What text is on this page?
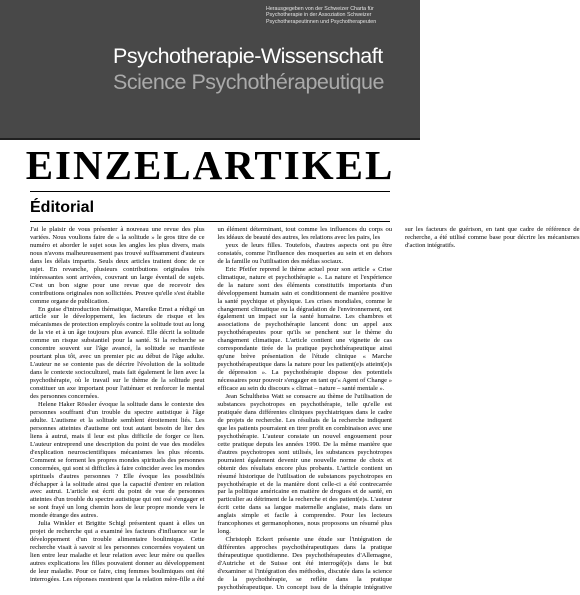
Herausgegeben von der Schweizer Charta für
Psychotherapie in der Assoziation Schweizer
Psychotherapeutinnen und Psychotherapeuten
Psychotherapie-Wissenschaft
Science Psychothérapeutique
EINZELARTIKEL
Éditorial

J'ai le plaisir de vous présenter à nouveau une revue des plus variées. Nous voulions faire de « la solitude » le gros titre de ce numéro et aborder le sujet sous les angles les plus divers, mais nous n'avons malheureusement pas trouvé suffisamment d'auteurs dans les délais impartis. Seuls deux articles traitent donc de ce sujet. En revanche, plusieurs contributions originales très intéressantes sont arrivées, couvrant un large éventail de sujets. C'est un bon signe pour une revue que de recevoir des contributions originales non sollicitées. Preuve qu'elle s'est établie comme organe de publication.

En guise d'introduction thématique, Mareike Ernst a rédigé un article sur le développement, les facteurs de risque et les mécanismes de protection employés contre la solitude tout au long de la vie et à un âge toujours plus avancé. Elle décrit la solitude comme un risque substantiel pour la santé. Si la recherche se concentre souvent sur l'âge avancé, la solitude se manifeste pourtant plus tôt, avec un premier pic au début de l'âge adulte. L'auteur ne se contente pas de décrire l'évolution de la solitude dans le contexte socioculturel, mais fait également le lien avec la psychothérapie, où le travail sur le thème de la solitude peut constituer un axe important pour l'atténuer et renforcer le mental des personnes concernées.

Helene Haker Rössler évoque la solitude dans le contexte des personnes souffrant d'un trouble du spectre autistique à l'âge adulte. L'autisme et la solitude semblent étroitement liés. Les personnes atteintes d'autisme ont tout autant besoin de lier des liens à autrui, mais il leur est plus difficile de forger ce lien. L'auteur entreprend une description du point de vue des modèles d'explication neuroscientifiques mécanismes les plus récents. Comment se forment les propres mondes spirituels des personnes concernées, qui sont si difficiles à faire coïncider avec les mondes spirituels d'autres personnes ? Elle évoque les possibilités d'échapper à la solitude ainsi que la capacité d'entrer en relation avec autrui. L'article est écrit du point de vue de personnes atteintes d'un trouble du spectre autistique qui ont osé s'engager et se sont frayé un long chemin hors de leur propre monde vers le monde étrange des autres.

Julia Winkler et Brigitte Schigl présentent quant à elles un projet de recherche qui a examiné les facteurs d'influence sur le développement d'un trouble alimentaire boulimique. Cette recherche visait à savoir si les personnes concernées voyaient un lien entre leur maladie et leur relation avec leur mère ou quelles autres explications les filles pouvaient donner au développement de leur maladie. Pour ce faire, cinq femmes boulimiques ont été interrogées. Les réponses montrent que la relation mère-fille a été un élément déterminant, tout comme les influences du corps ou les idéaux de beauté des autres, les relations avec les pairs, les

yeux de leurs filles. Toutefois, d'autres aspects ont pu être constatés, comme l'influence des moqueries au sein et en dehors de la famille ou l'utilisation des médias sociaux.

Eric Pfeifer reprend le thème actuel pour son article « Crise climatique, nature et psychothérapie ». La nature et l'expérience de la nature sont des éléments constitutifs importants d'un développement humain sain et conditionnent de manière positive la santé psychique et physique. Les crises mondiales, comme le changement climatique ou la dégradation de l'environnement, ont également un impact sur la santé humaine. Les chambres et associations de psychothérapie lancent donc un appel aux psychothérapeutes pour qu'ils se penchent sur le thème du changement climatique. L'article contient une vignette de cas correspondante tirée de la pratique psychothérapeutique ainsi qu'une brève présentation de l'étude clinique « Marche psychothérapeutique dans la nature pour les patient(e)s atteint(e)s de dépression ». La psychothérapie dispose des potentiels nécessaires pour pouvoir s'engager en tant qu'« Agent of Change » efficace au sein du discours « climat – nature – santé mentale ».

Jean Schultheiss Watt se consacre au thème de l'utilisation de substances psychotropes en psychothérapie, telle qu'elle est pratiquée dans différentes cliniques psychiatriques dans le cadre de projets de recherche. Les résultats de la recherche indiquent que les patients pourraient en tirer profit en combinaison avec une psychothérapie. L'auteur constate un nouvel engouement pour cette pratique depuis les années 1990. De la même manière que d'autres psychotropes sont utilisés, les substances psychotropes pourraient également devenir une nouvelle norme de choix et obtenir des résultats encore plus probants. L'article contient un résumé historique de l'utilisation de substances psychotropes en psychothérapie et de la manière dont celle-ci a été contrecarrée par la politique américaine en matière de drogues et de santé, en particulier au détriment de la recherche et des patient(e)s. L'auteur écrit cette dans sa langue maternelle anglaise, mais dans un anglais simple et facile à comprendre. Pour les lecteurs francophones et germanophones, nous proposons un résumé plus long.

Christoph Eckert présente une étude sur l'intégration de différentes approches psychothérapeutiques dans la pratique thérapeutique quotidienne. Des psychothérapeutes d'Allemagne, d'Autriche et de Suisse ont été interrogé(e)s dans le but d'examiner si l'intégration des méthodes, discutée dans la science de la psychothérapie, se reflète dans la pratique psychothérapeutique. Un concept issu de la thérapie intégrative sur les facteurs de guérison, en tant que cadre de référence de recherche, a été utilisé comme base pour décrire les mécanismes d'action intégratifs.
